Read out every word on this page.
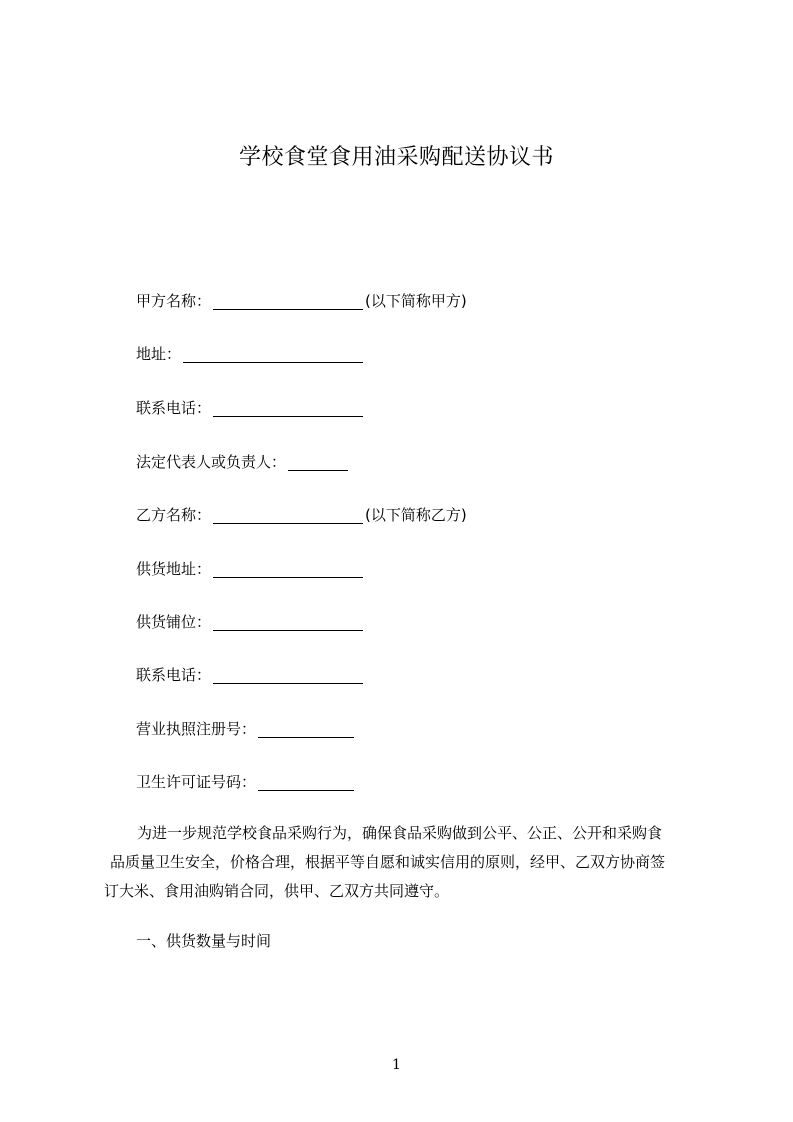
学校食堂食用油采购配送协议书
甲方名称：	(以下简称甲方)
地址：
联系电话：
法定代表人或负责人：
乙方名称：	(以下简称乙方)
供货地址：
供货铺位：
联系电话：
营业执照注册号：
卫生许可证号码：
为进一步规范学校食品采购行为，确保食品采购做到公平、公正、公开和采购食
品质量卫生安全，价格合理，根据平等自愿和诚实信用的原则，经甲、乙双方协商签
订大米、食用油购销合同，供甲、乙双方共同遵守。
一、供货数量与时间
1
